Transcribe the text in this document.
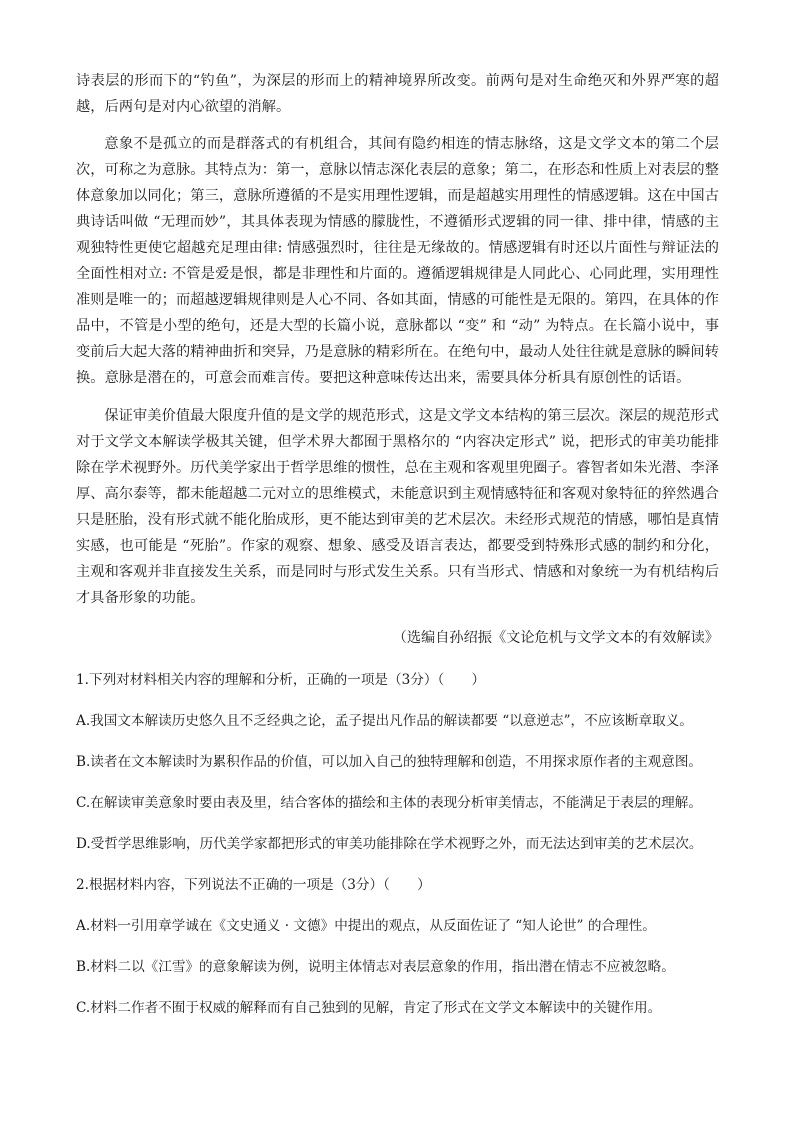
诗表层的形而下的“钓鱼”，为深层的形而上的精神境界所改变。前两句是对生命绝灭和外界严寒的超越，后两句是对内心欲望的消解。

意象不是孤立的而是群落式的有机组合，其间有隐约相连的情志脉络，这是文学文本的第二个层次，可称之为意脉。其特点为：第一，意脉以情志深化表层的意象；第二，在形态和性质上对表层的整体意象加以同化；第三，意脉所遵循的不是实用理性逻辑，而是超越实用理性的情感逻辑。这在中国古典诗话叫做 “无理而妙”，其具体表现为情感的朦胧性，不遵循形式逻辑的同一律、排中律，情感的主观独特性更使它超越充足理由律: 情感强烈时，往往是无缘故的。情感逻辑有时还以片面性与辩证法的全面性相对立: 不管是爱是恨，都是非理性和片面的。遵循逻辑规律是人同此心、心同此理，实用理性准则是唯一的；而超越逻辑规律则是人心不同、各如其面，情感的可能性是无限的。第四，在具体的作品中，不管是小型的绝句，还是大型的长篇小说，意脉都以 “变” 和 “动” 为特点。在长篇小说中，事变前后大起大落的精神曲折和突异，乃是意脉的精彩所在。在绝句中，最动人处往往就是意脉的瞬间转换。意脉是潜在的，可意会而难言传。要把这种意味传达出来，需要具体分析具有原创性的话语。

保证审美价值最大限度升值的是文学的规范形式，这是文学文本结构的第三层次。深层的规范形式对于文学文本解读学极其关键，但学术界大都囿于黑格尔的 “内容决定形式” 说，把形式的审美功能排除在学术视野外。历代美学家出于哲学思维的惯性，总在主观和客观里兜圈子。睿智者如朱光潜、李泽厚、高尔泰等，都未能超越二元对立的思维模式，未能意识到主观情感特征和客观对象特征的猝然遇合只是胚胎，没有形式就不能化胎成形，更不能达到审美的艺术层次。未经形式规范的情感，哪怕是真情实感，也可能是 “死胎”。作家的观察、想象、感受及语言表达，都要受到特殊形式感的制约和分化，主观和客观并非直接发生关系，而是同时与形式发生关系。只有当形式、情感和对象统一为有机结构后才具备形象的功能。

（选编自孙绍振《文论危机与文学文本的有效解读》

1.下列对材料相关内容的理解和分析，正确的一项是（3分）（　　）

A.我国文本解读历史悠久且不乏经典之论，孟子提出凡作品的解读都要 “以意逆志”，不应该断章取义。

B.读者在文本解读时为累积作品的价值，可以加入自己的独特理解和创造，不用探求原作者的主观意图。

C.在解读审美意象时要由表及里，结合客体的描绘和主体的表现分析审美情志，不能满足于表层的理解。

D.受哲学思维影响，历代美学家都把形式的审美功能排除在学术视野之外，而无法达到审美的艺术层次。

2.根据材料内容，下列说法不正确的一项是（3分）（　　）

A.材料一引用章学诚在《文史通义 · 文德》中提出的观点，从反面佐证了 “知人论世” 的合理性。

B.材料二以《江雪》的意象解读为例，说明主体情志对表层意象的作用，指出潜在情志不应被忽略。

C.材料二作者不囿于权威的解释而有自己独到的见解，肯定了形式在文学文本解读中的关键作用。
